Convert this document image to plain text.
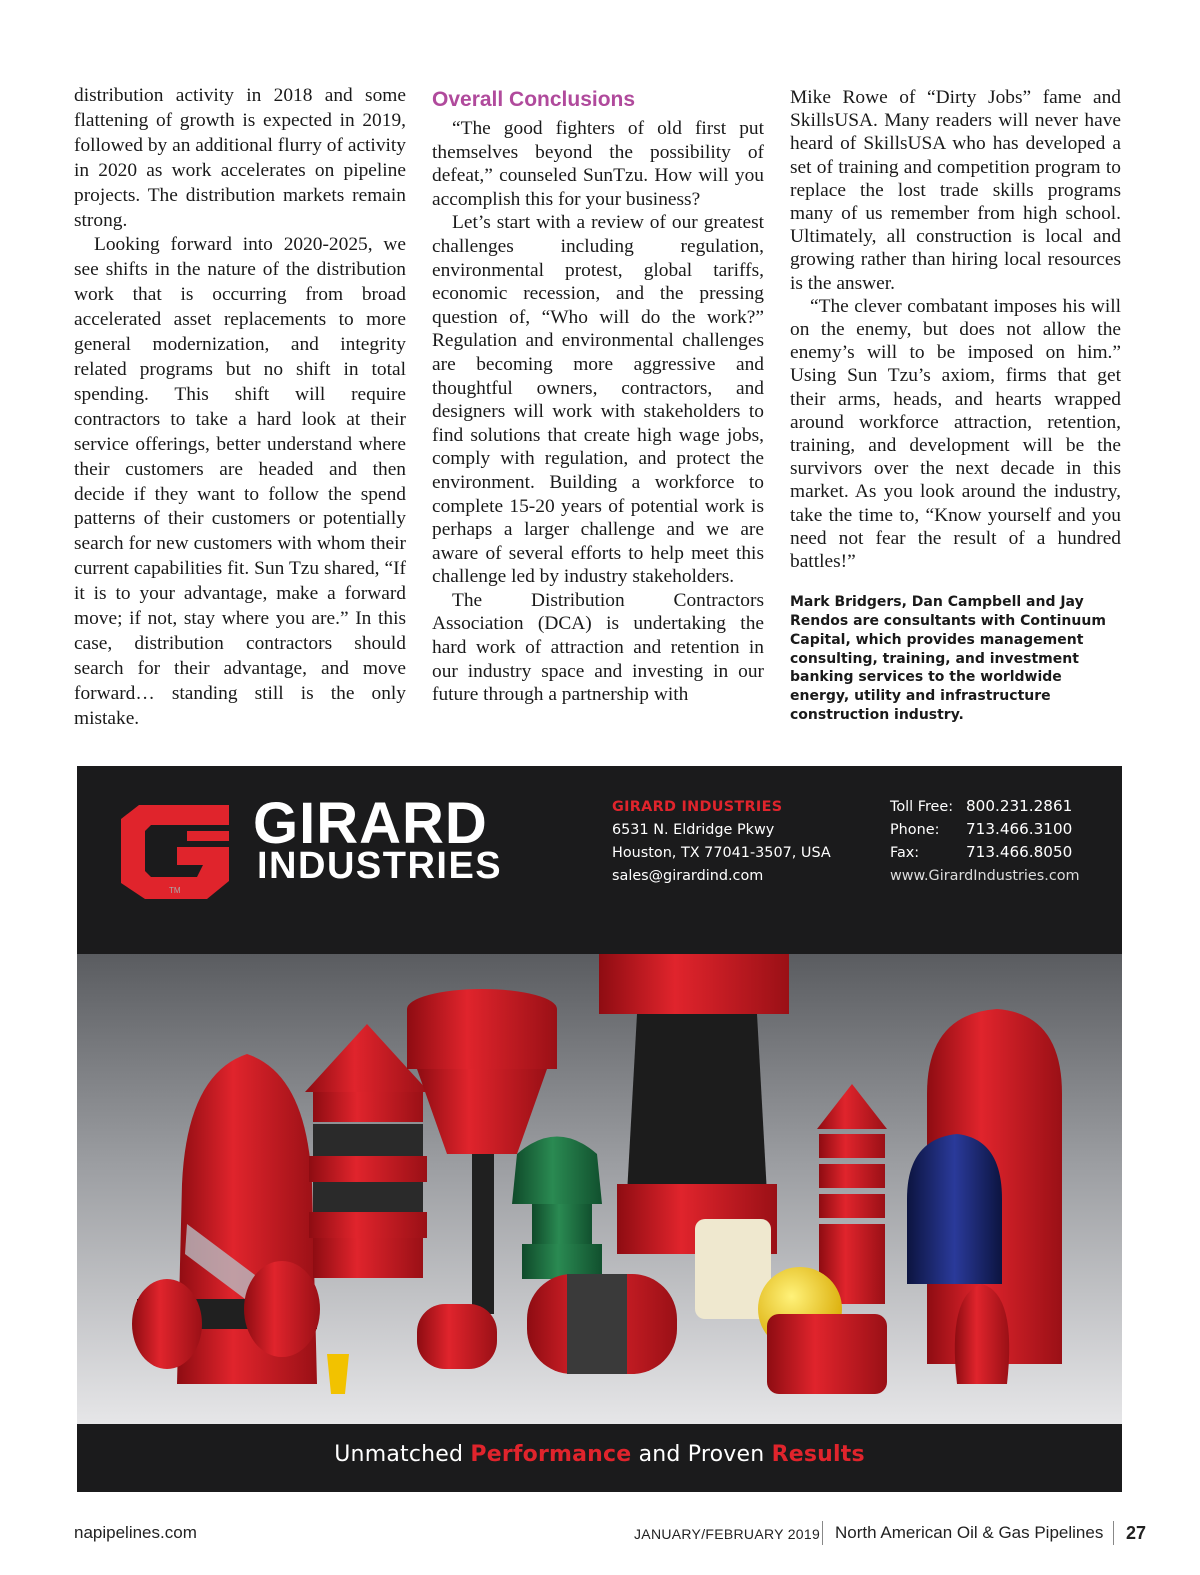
distribution activity in 2018 and some flattening of growth is expected in 2019, followed by an additional flurry of activity in 2020 as work accelerates on pipeline projects. The distribution markets remain strong.

Looking forward into 2020-2025, we see shifts in the nature of the distribution work that is occurring from broad accelerated asset replacements to more general modernization, and integrity related programs but no shift in total spending. This shift will require contractors to take a hard look at their service offerings, better understand where their customers are headed and then decide if they want to follow the spend patterns of their customers or potentially search for new customers with whom their current capabilities fit. Sun Tzu shared, “If it is to your advantage, make a forward move; if not, stay where you are.” In this case, distribution contractors should search for their advantage, and move forward… standing still is the only mistake.

Overall Conclusions

“The good fighters of old first put themselves beyond the possibility of defeat,” counseled SunTzu. How will you accomplish this for your business?

Let’s start with a review of our greatest challenges including regulation, environmental protest, global tariffs, economic recession, and the pressing question of, “Who will do the work?” Regulation and environmental challenges are becoming more aggressive and thoughtful owners, contractors, and designers will work with stakeholders to find solutions that create high wage jobs, comply with regulation, and protect the environment. Building a workforce to complete 15-20 years of potential work is perhaps a larger challenge and we are aware of several efforts to help meet this challenge led by industry stakeholders.

The Distribution Contractors Association (DCA) is undertaking the hard work of attraction and retention in our industry space and investing in our future through a partnership with

Mike Rowe of “Dirty Jobs” fame and SkillsUSA. Many readers will never have heard of SkillsUSA who has developed a set of training and competition program to replace the lost trade skills programs many of us remember from high school. Ultimately, all construction is local and growing rather than hiring local resources is the answer.

“The clever combatant imposes his will on the enemy, but does not allow the enemy’s will to be imposed on him.” Using Sun Tzu’s axiom, firms that get their arms, heads, and hearts wrapped around workforce attraction, retention, training, and development will be the survivors over the next decade in this market. As you look around the industry, take the time to, “Know yourself and you need not fear the result of a hundred battles!”

Mark Bridgers, Dan Campbell and Jay Rendos are consultants with Continuum Capital, which provides management consulting, training, and investment banking services to the worldwide energy, utility and infrastructure construction industry.
TM
GIRARD
INDUSTRIES
GIRARD INDUSTRIES
6531 N. Eldridge Pkwy
Houston, TX 77041-3507, USA
sales@girardind.com
Toll Free: 800.231.2861
Phone: 713.466.3100
Fax:	713.466.8050
www.GirardIndustries.com
Unmatched Performance and Proven Results
napipelines.com	JANUARY/FEBRUARY 2019 North American Oil & Gas Pipelines 27
